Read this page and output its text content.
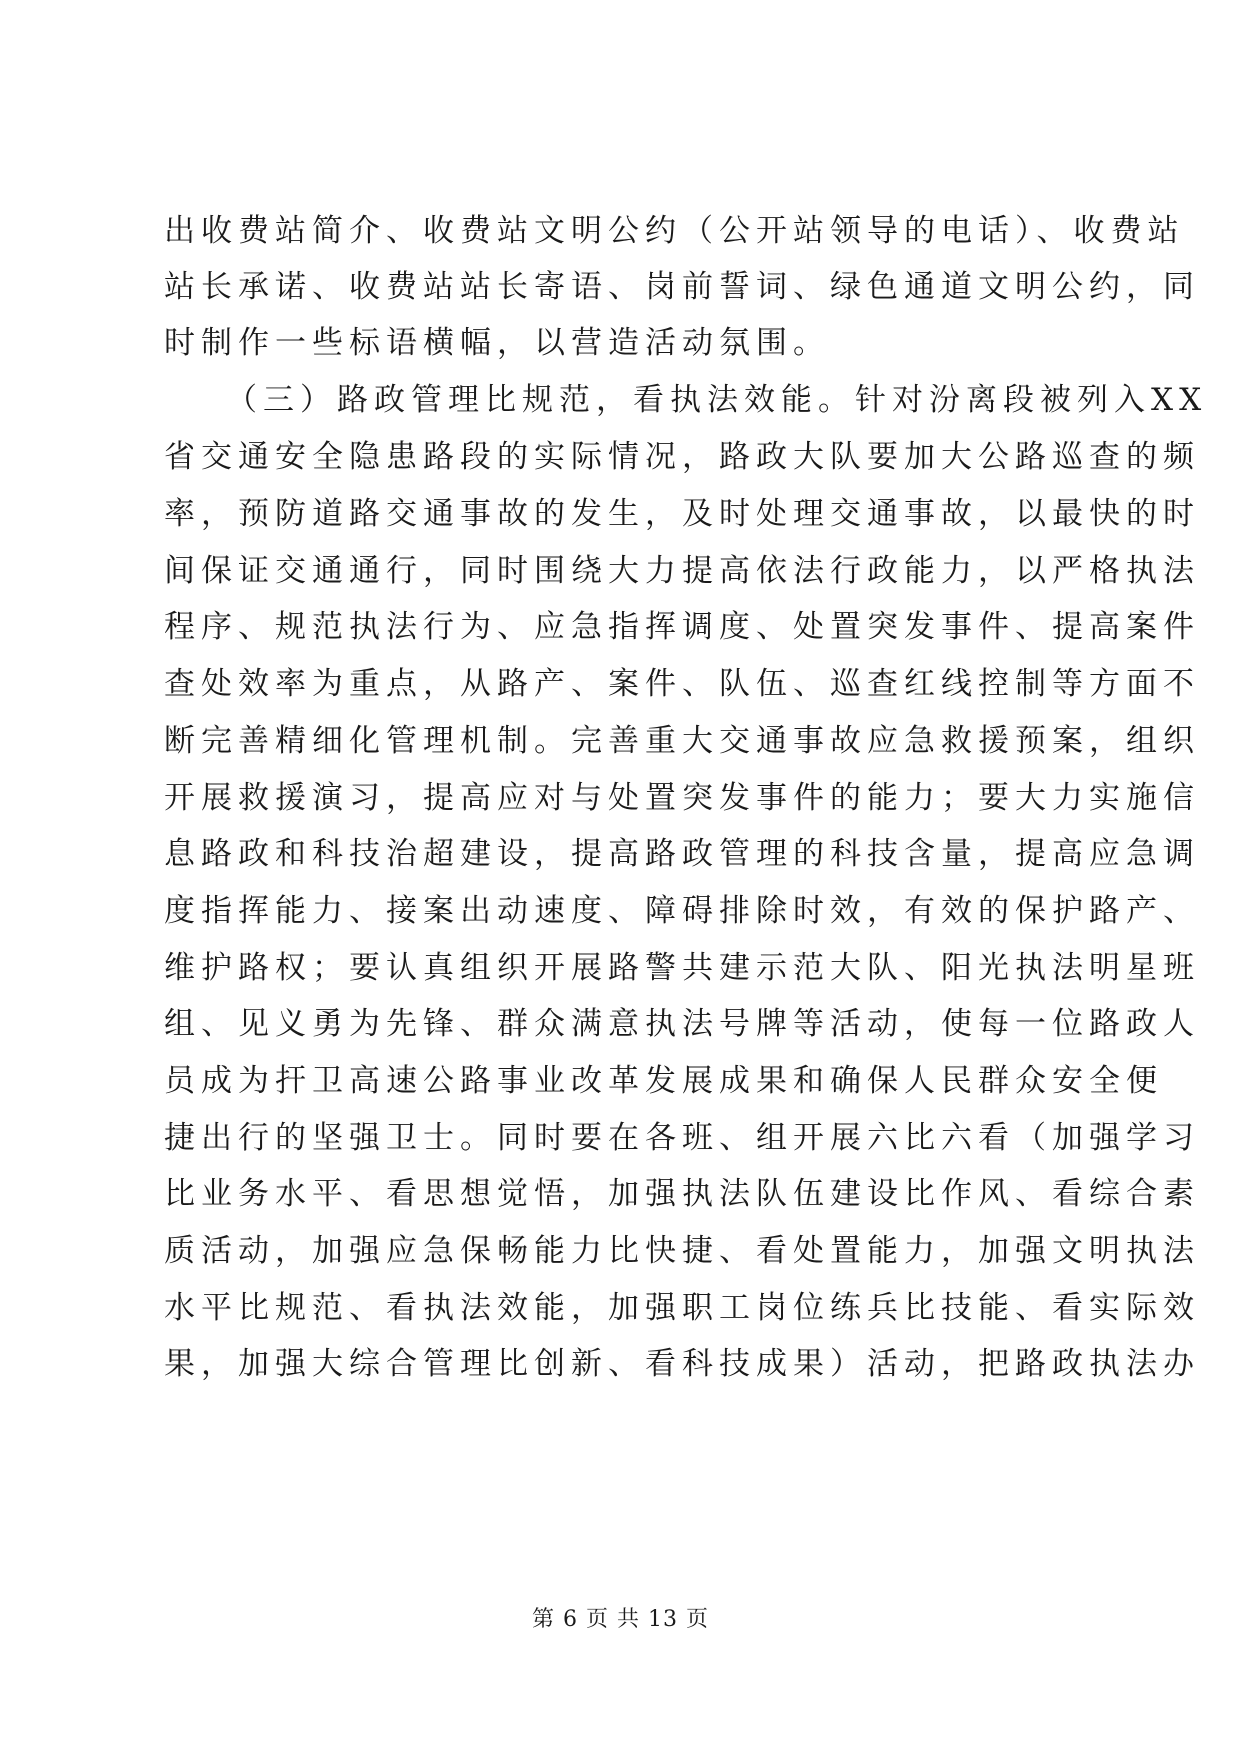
出收费站简介、收费站文明公约（公开站领导的电话）、收费站
站长承诺、收费站站长寄语、岗前誓词、绿色通道文明公约，同
时制作一些标语横幅，以营造活动氛围。
（三）路政管理比规范，看执法效能。针对汾离段被列入XX
省交通安全隐患路段的实际情况，路政大队要加大公路巡查的频
率，预防道路交通事故的发生，及时处理交通事故，以最快的时
间保证交通通行，同时围绕大力提高依法行政能力，以严格执法
程序、规范执法行为、应急指挥调度、处置突发事件、提高案件
查处效率为重点，从路产、案件、队伍、巡查红线控制等方面不
断完善精细化管理机制。完善重大交通事故应急救援预案，组织
开展救援演习，提高应对与处置突发事件的能力；要大力实施信
息路政和科技治超建设，提高路政管理的科技含量，提高应急调
度指挥能力、接案出动速度、障碍排除时效，有效的保护路产、
维护路权；要认真组织开展路警共建示范大队、阳光执法明星班
组、见义勇为先锋、群众满意执法号牌等活动，使每一位路政人
员成为扞卫高速公路事业改革发展成果和确保人民群众安全便
捷出行的坚强卫士。同时要在各班、组开展六比六看（加强学习
比业务水平、看思想觉悟，加强执法队伍建设比作风、看综合素
质活动，加强应急保畅能力比快捷、看处置能力，加强文明执法
水平比规范、看执法效能，加强职工岗位练兵比技能、看实际效
果，加强大综合管理比创新、看科技成果）活动，把路政执法办
第 6 页 共 13 页
